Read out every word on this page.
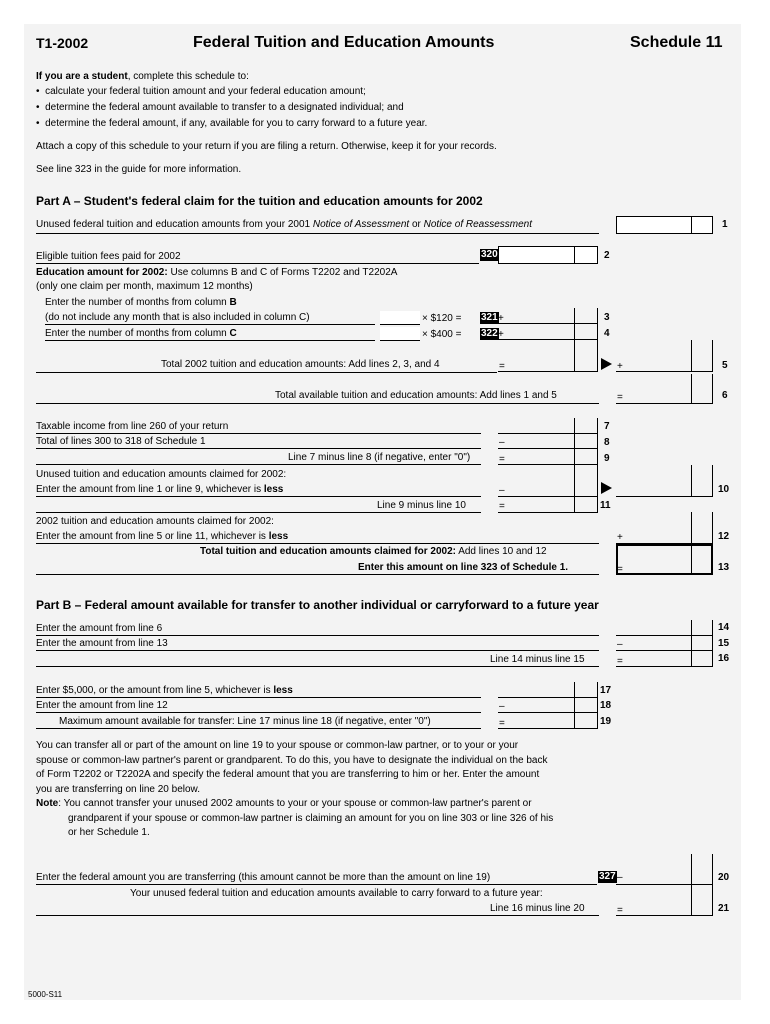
T1-2002	Federal Tuition and Education Amounts	Schedule 11
If you are a student, complete this schedule to:
• calculate your federal tuition amount and your federal education amount;
• determine the federal amount available to transfer to a designated individual; and
• determine the federal amount, if any, available for you to carry forward to a future year.
Attach a copy of this schedule to your return if you are filing a return. Otherwise, keep it for your records.
See line 323 in the guide for more information.
Part A – Student's federal claim for the tuition and education amounts for 2002
Unused federal tuition and education amounts from your 2001 Notice of Assessment or Notice of Reassessment	1
Eligible tuition fees paid for 2002	320	2
Education amount for 2002: Use columns B and C of Forms T2202 and T2202A
(only one claim per month, maximum 12 months)
Enter the number of months from column B
(do not include any month that is also included in column C)	× $120 = 321 +	3
Enter the number of months from column C	× $400 = 322 +	4
Total 2002 tuition and education amounts: Add lines 2, 3, and 4	=	+	5
Total available tuition and education amounts: Add lines 1 and 5	=	6
Taxable income from line 260 of your return	7
Total of lines 300 to 318 of Schedule 1	–	8
Line 7 minus line 8 (if negative, enter "0")	=	9
Unused tuition and education amounts claimed for 2002:
Enter the amount from line 1 or line 9, whichever is less	–	10
Line 9 minus line 10	=	11
2002 tuition and education amounts claimed for 2002:
Enter the amount from line 5 or line 11, whichever is less	+	12
Total tuition and education amounts claimed for 2002: Add lines 10 and 12
Enter this amount on line 323 of Schedule 1.	=	13
Part B – Federal amount available for transfer to another individual or carryforward to a future year
Enter the amount from line 6	14
Enter the amount from line 13	–	15
Line 14 minus line 15	=	16
Enter $5,000, or the amount from line 5, whichever is less	17
Enter the amount from line 12	–	18
Maximum amount available for transfer: Line 17 minus line 18 (if negative, enter "0")	=	19
You can transfer all or part of the amount on line 19 to your spouse or common-law partner, or to your or your
spouse or common-law partner's parent or grandparent. To do this, you have to designate the individual on the back
of Form T2202 or T2202A and specify the federal amount that you are transferring to him or her. Enter the amount
you are transferring on line 20 below.
Note: You cannot transfer your unused 2002 amounts to your or your spouse or common-law partner's parent or
grandparent if your spouse or common-law partner is claiming an amount for you on line 303 or line 326 of his
or her Schedule 1.
Enter the federal amount you are transferring (this amount cannot be more than the amount on line 19)	327 –	20
Your unused federal tuition and education amounts available to carry forward to a future year:
Line 16 minus line 20	=	21
5000-S11
